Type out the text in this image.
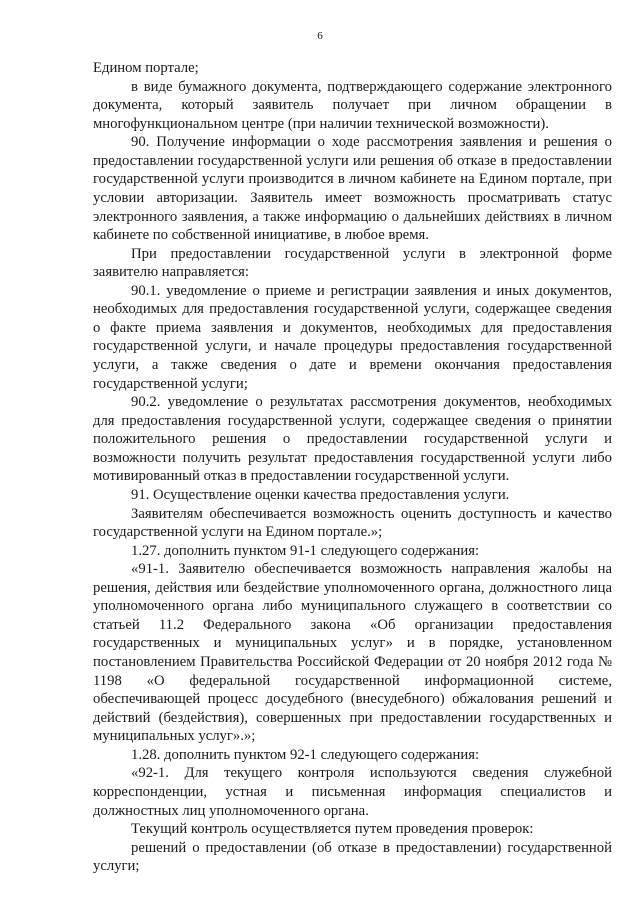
6

Едином портале;

в виде бумажного документа, подтверждающего содержание электронного документа, который заявитель получает при личном обращении в многофункциональном центре (при наличии технической возможности).

90. Получение информации о ходе рассмотрения заявления и решения о предоставлении государственной услуги или решения об отказе в предоставлении государственной услуги производится в личном кабинете на Едином портале, при условии авторизации. Заявитель имеет возможность просматривать статус электронного заявления, а также информацию о дальнейших действиях в личном кабинете по собственной инициативе, в любое время.

При предоставлении государственной услуги в электронной форме заявителю направляется:

90.1. уведомление о приеме и регистрации заявления и иных документов, необходимых для предоставления государственной услуги, содержащее сведения о факте приема заявления и документов, необходимых для предоставления государственной услуги, и начале процедуры предоставления государственной услуги, а также сведения о дате и времени окончания предоставления государственной услуги;

90.2. уведомление о результатах рассмотрения документов, необходимых для предоставления государственной услуги, содержащее сведения о принятии положительного решения о предоставлении государственной услуги и возможности получить результат предоставления государственной услуги либо мотивированный отказ в предоставлении государственной услуги.

91. Осуществление оценки качества предоставления услуги.

Заявителям обеспечивается возможность оценить доступность и качество государственной услуги на Едином портале.»;

1.27. дополнить пунктом 91-1 следующего содержания:

«91-1. Заявителю обеспечивается возможность направления жалобы на решения, действия или бездействие уполномоченного органа, должностного лица уполномоченного органа либо муниципального служащего в соответствии со статьей 11.2 Федерального закона «Об организации предоставления государственных и муниципальных услуг» и в порядке, установленном постановлением Правительства Российской Федерации от 20 ноября 2012 года № 1198 «О федеральной государственной информационной системе, обеспечивающей процесс досудебного (внесудебного) обжалования решений и действий (бездействия), совершенных при предоставлении государственных и муниципальных услуг».»;

1.28. дополнить пунктом 92-1 следующего содержания:

«92-1. Для текущего контроля используются сведения служебной корреспонденции, устная и письменная информация специалистов и должностных лиц уполномоченного органа.

Текущий контроль осуществляется путем проведения проверок:

решений о предоставлении (об отказе в предоставлении) государственной услуги;
